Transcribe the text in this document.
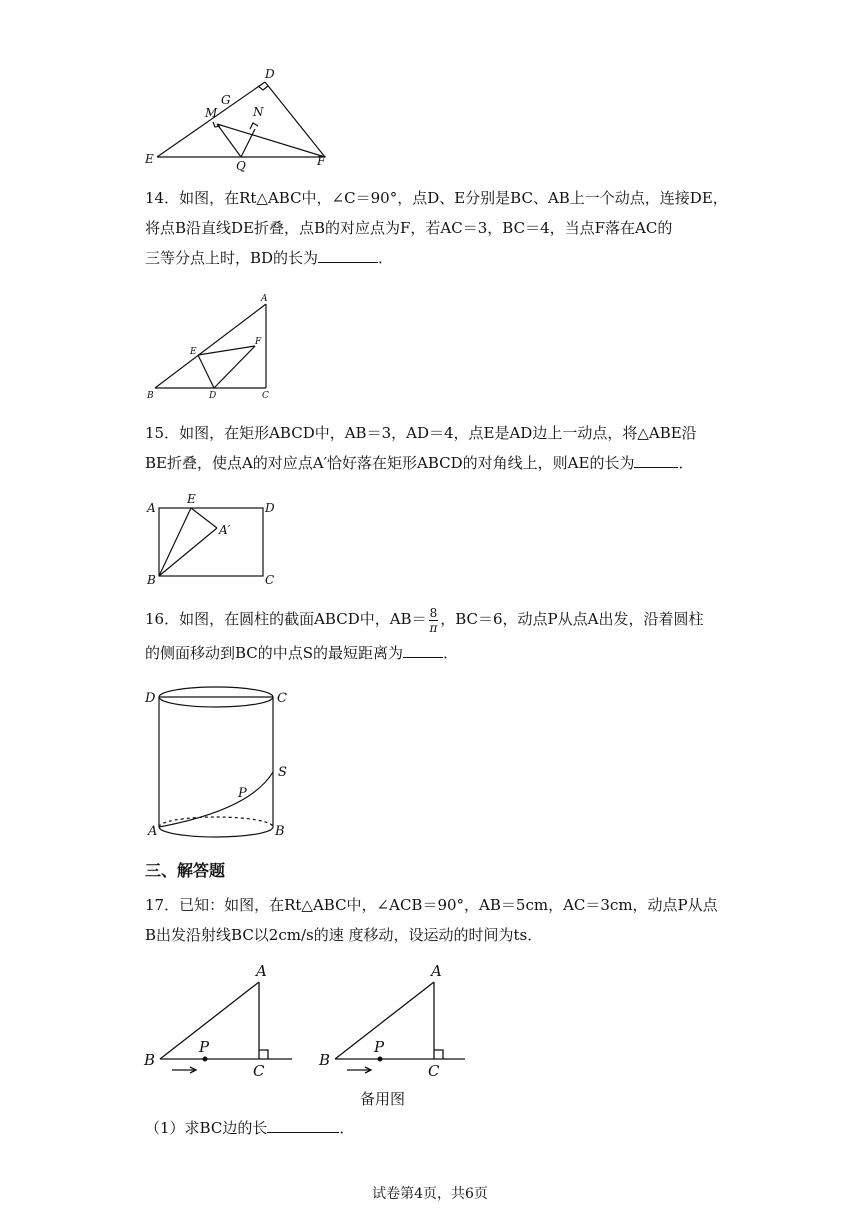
D
G
M	N
E	Q	F
14．如图，在Rt△ABC中，∠C＝90°，点D、E分别是BC、AB上一个动点，连接DE，
将点B沿直线DE折叠，点B的对应点为F，若AC＝3，BC＝4，当点F落在AC的
三等分点上时，BD的长为	．
A
E
F
B	D	C
15．如图，在矩形ABCD中，AB＝3，AD＝4，点E是AD边上一动点，将△ABE沿
BE折叠，使点A的对应点A′恰好落在矩形ABCD的对角线上，则AE的长为	．
A
E
D
A′
B	C
16．如图，在圆柱的截面ABCD中，$AB= \frac{8}{\pi}$ ，BC＝6，动点P从点A出发，沿着圆柱
的侧面移动到BC的中点S的最短距离为	．
D	C
S
P
A	B
三、解答题
17．已知：如图，在Rt△ABC中，∠ACB＝90°，AB＝5cm，AC＝3cm，动点P从点
B出发沿射线BC以2cm/s的速 度移动，设运动的时间为ts．
A
B
P
C
A
B
P
C
备用图
（1）求BC边的长	．
试卷第4页，共6页
